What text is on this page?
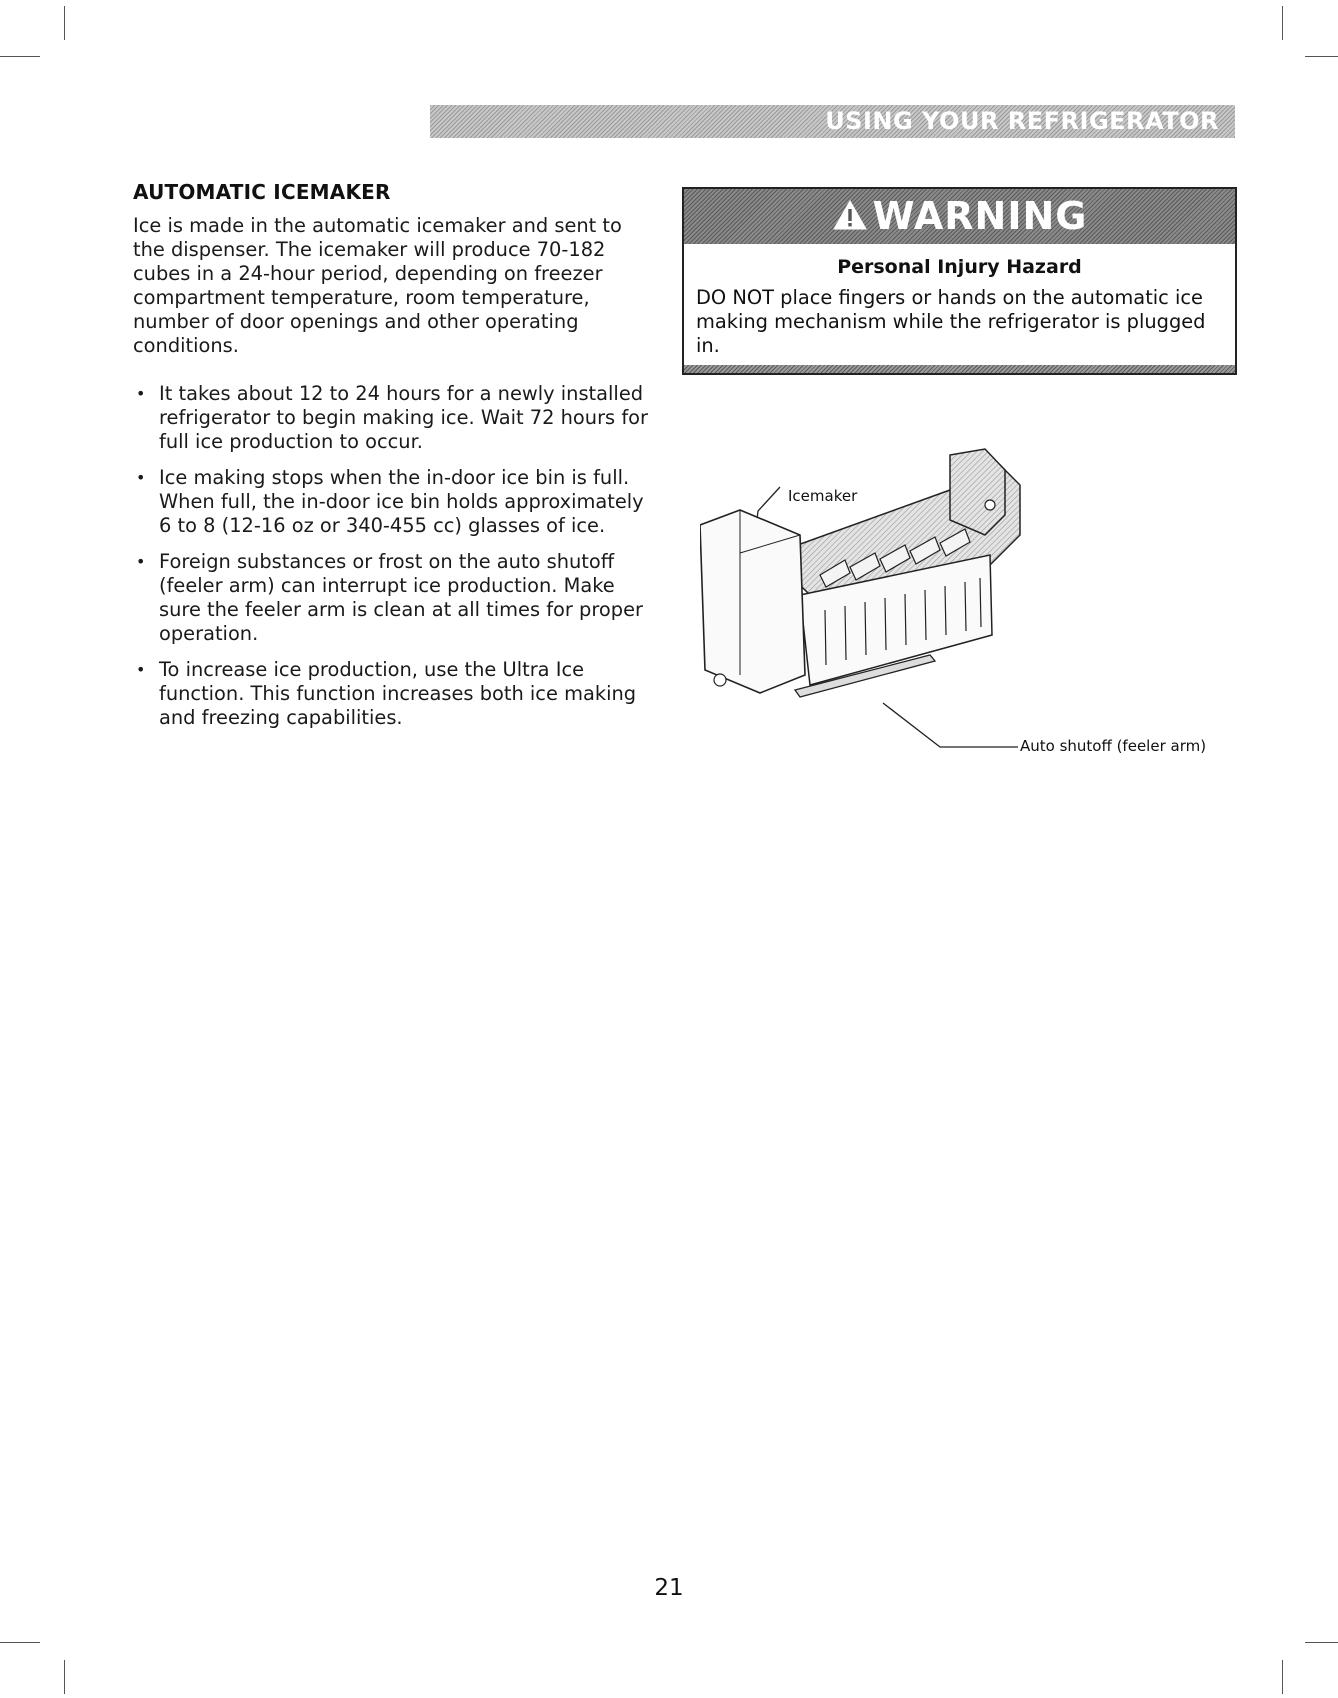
USING YOUR REFRIGERATOR
AUTOMATIC ICEMAKER
Ice is made in the automatic icemaker and sent to the dispenser. The icemaker will produce 70-182 cubes in a 24-hour period, depending on freezer compartment temperature, room temperature, number of door openings and other operating conditions.
• It takes about 12 to 24 hours for a newly installed refrigerator to begin making ice. Wait 72 hours for full ice production to occur.
• Ice making stops when the in-door ice bin is full. When full, the in-door ice bin holds approximately 6 to 8 (12-16 oz or 340-455 cc) glasses of ice.
• Foreign substances or frost on the auto shutoff (feeler arm) can interrupt ice production. Make sure the feeler arm is clean at all times for proper operation.
• To increase ice production, use the Ultra Ice function. This function increases both ice making and freezing capabilities.
WARNING
Personal Injury Hazard
DO NOT place fingers or hands on the automatic ice making mechanism while the refrigerator is plugged in.
Icemaker
Auto shutoff (feeler arm)
21
